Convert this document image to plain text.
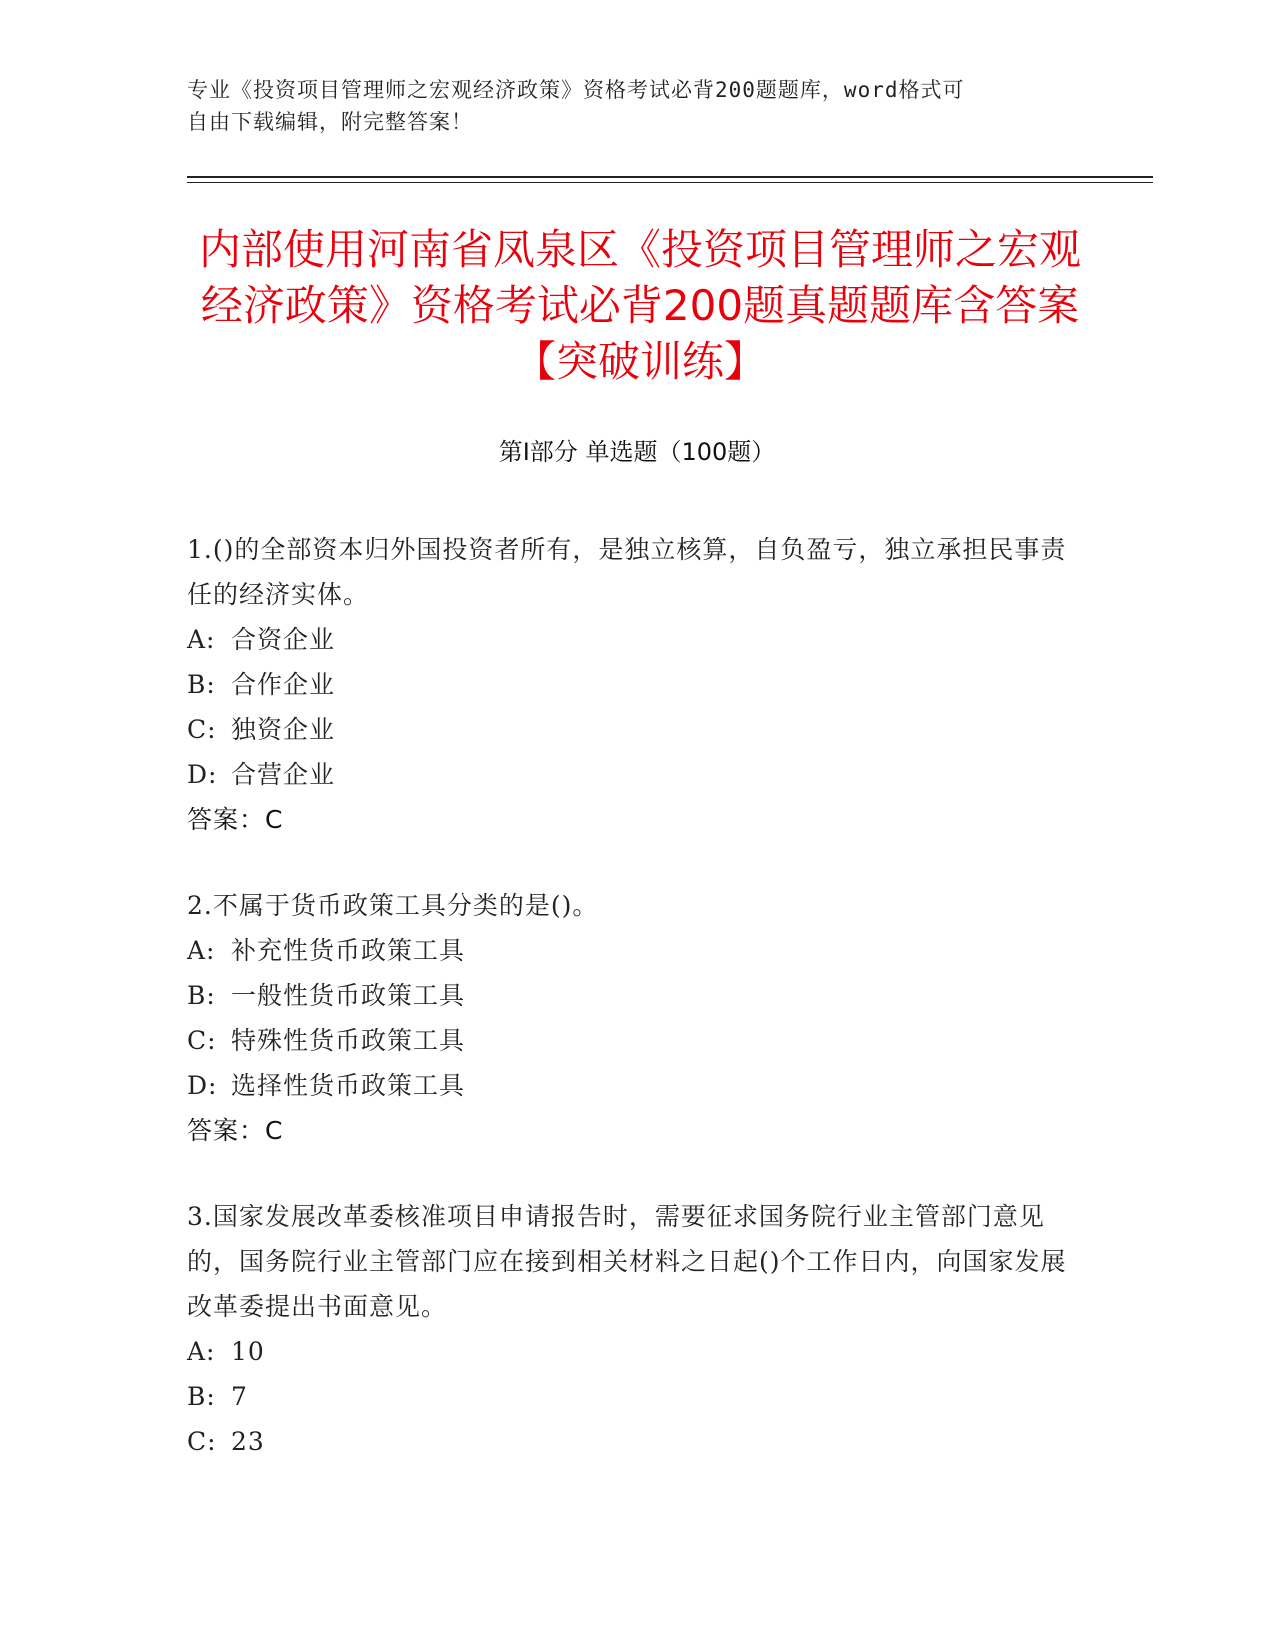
专业《投资项目管理师之宏观经济政策》资格考试必背200题题库，word格式可
自由下载编辑，附完整答案！
内部使用河南省凤泉区《投资项目管理师之宏观经济政策》资格考试必背200题真题题库含答案【突破训练】
第I部分 单选题（100题）
1.()的全部资本归外国投资者所有，是独立核算，自负盈亏，独立承担民事责任的经济实体。
A: 合资企业
B: 合作企业
C: 独资企业
D: 合营企业
答案：C
2.不属于货币政策工具分类的是()。
A: 补充性货币政策工具
B: 一般性货币政策工具
C: 特殊性货币政策工具
D: 选择性货币政策工具
答案：C
3.国家发展改革委核准项目申请报告时，需要征求国务院行业主管部门意见的，国务院行业主管部门应在接到相关材料之日起()个工作日内，向国家发展改革委提出书面意见。
A: 10
B: 7
C: 23
